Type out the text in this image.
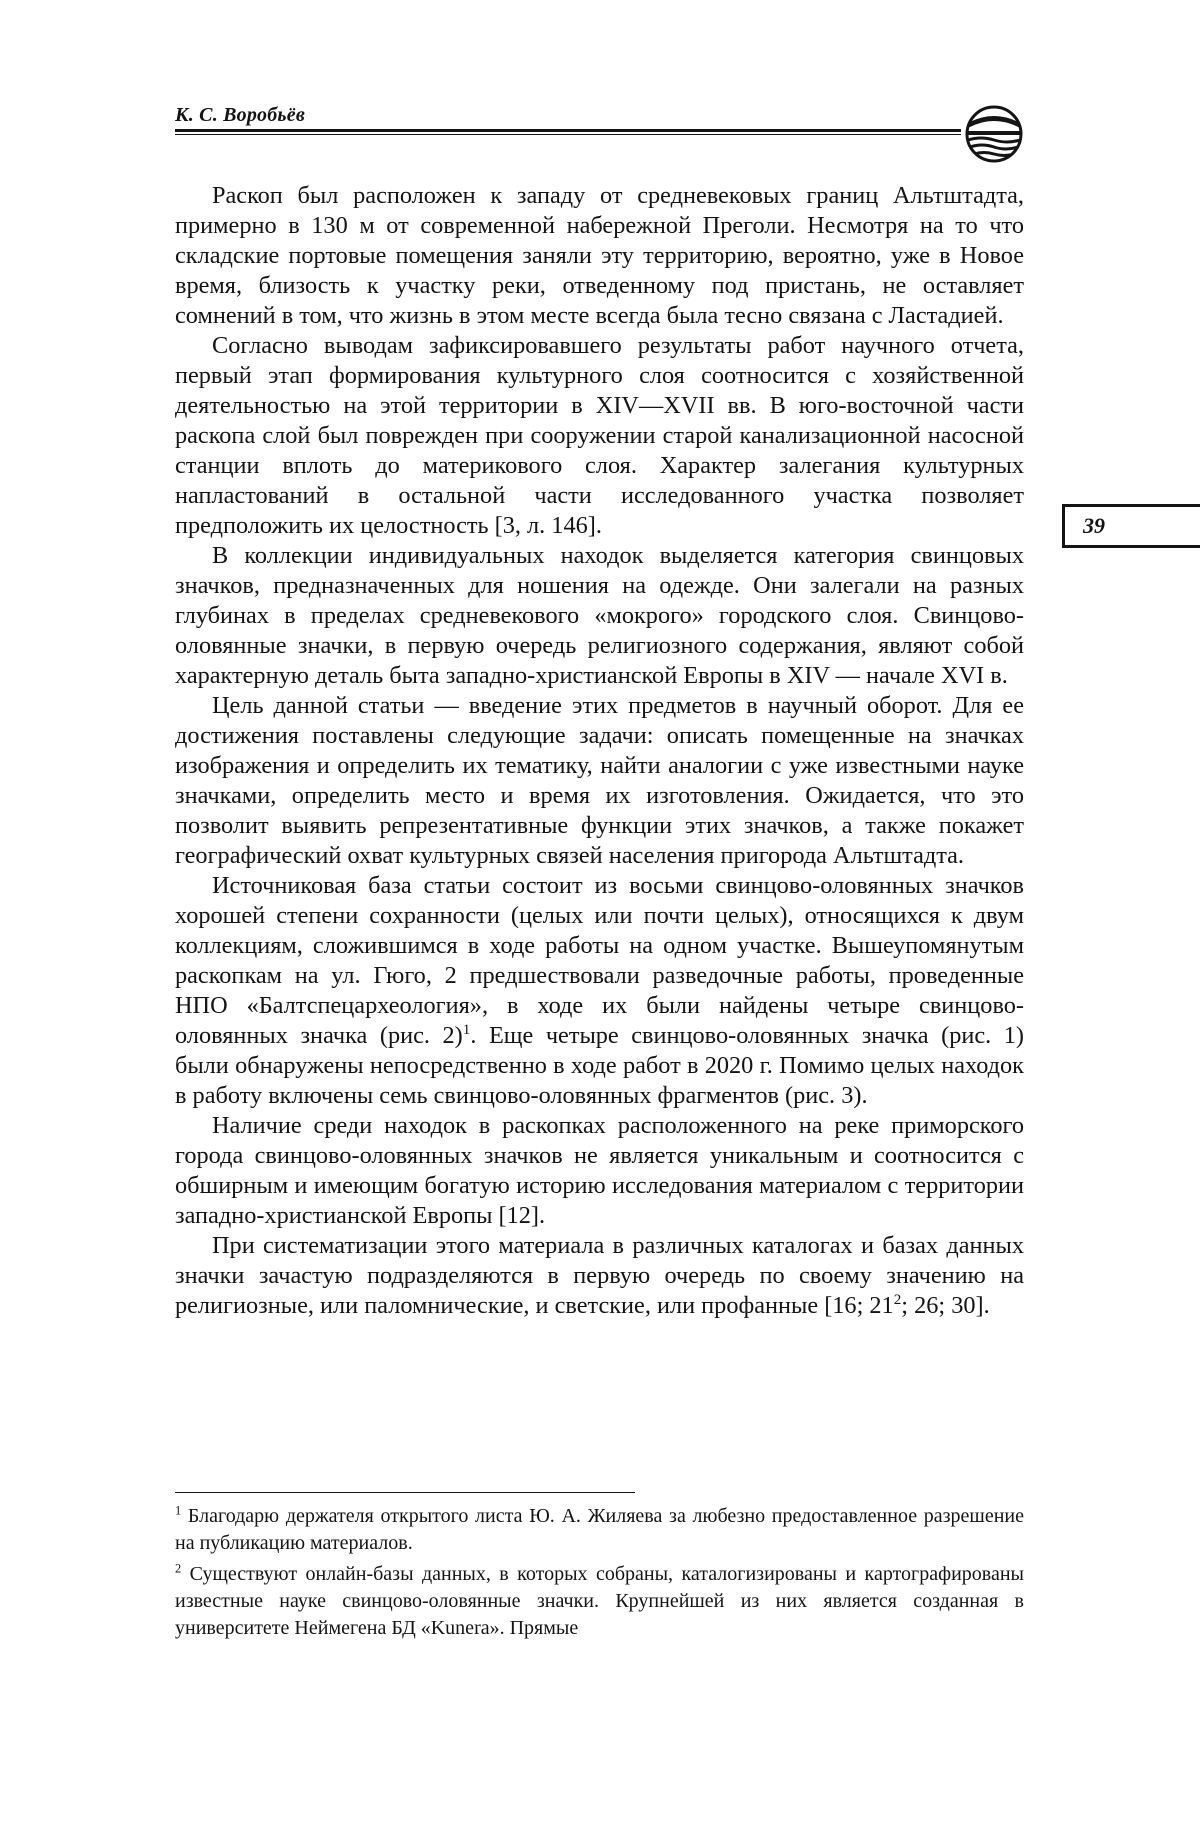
К. С. Воробьёв
39

Раскоп был расположен к западу от средневековых границ Альтштадта, примерно в 130 м от современной набережной Преголи. Несмотря на то что складские портовые помещения заняли эту территорию, вероятно, уже в Новое время, близость к участку реки, отведенному под пристань, не оставляет сомнений в том, что жизнь в этом месте всегда была тесно связана с Ластадией.

Согласно выводам зафиксировавшего результаты работ научного отчета, первый этап формирования культурного слоя соотносится с хозяйственной деятельностью на этой территории в XIV—XVII вв. В юго-восточной части раскопа слой был поврежден при сооружении старой канализационной насосной станции вплоть до материкового слоя. Характер залегания культурных напластований в остальной части исследованного участка позволяет предположить их целостность [3, л. 146].

В коллекции индивидуальных находок выделяется категория свинцовых значков, предназначенных для ношения на одежде. Они залегали на разных глубинах в пределах средневекового «мокрого» городского слоя. Свинцово-оловянные значки, в первую очередь религиозного содержания, являют собой характерную деталь быта западно-христианской Европы в XIV — начале XVI в.

Цель данной статьи — введение этих предметов в научный оборот. Для ее достижения поставлены следующие задачи: описать помещенные на значках изображения и определить их тематику, найти аналогии с уже известными науке значками, определить место и время их изготовления. Ожидается, что это позволит выявить репрезентативные функции этих значков, а также покажет географический охват культурных связей населения пригорода Альтштадта.

Источниковая база статьи состоит из восьми свинцово-оловянных значков хорошей степени сохранности (целых или почти целых), относящихся к двум коллекциям, сложившимся в ходе работы на одном участке. Вышеупомянутым раскопкам на ул. Гюго, 2 предшествовали разведочные работы, проведенные НПО «Балтспецархеология», в ходе их были найдены четыре свинцово-оловянных значка (рис. 2)$^1$. Еще четыре свинцово-оловянных значка (рис. 1) были обнаружены непосредственно в ходе работ в 2020 г. Помимо целых находок в работу включены семь свинцово-оловянных фрагментов (рис. 3).

Наличие среди находок в раскопках расположенного на реке приморского города свинцово-оловянных значков не является уникальным и соотносится с обширным и имеющим богатую историю исследования материалом с территории западно-христианской Европы [12].

При систематизации этого материала в различных каталогах и базах данных значки зачастую подразделяются в первую очередь по своему значению на религиозные, или паломнические, и светские, или профанные [16; $21^2$; 26; 30].

$^1$ Благодарю держателя открытого листа Ю. А. Жиляева за любезно предоставленное разрешение на публикацию материалов.

$^2$ Существуют онлайн-базы данных, в которых собраны, каталогизированы и картографированы известные науке свинцово-оловянные значки. Крупнейшей из них является созданная в университете Неймегена БД «Kunera». Прямые
